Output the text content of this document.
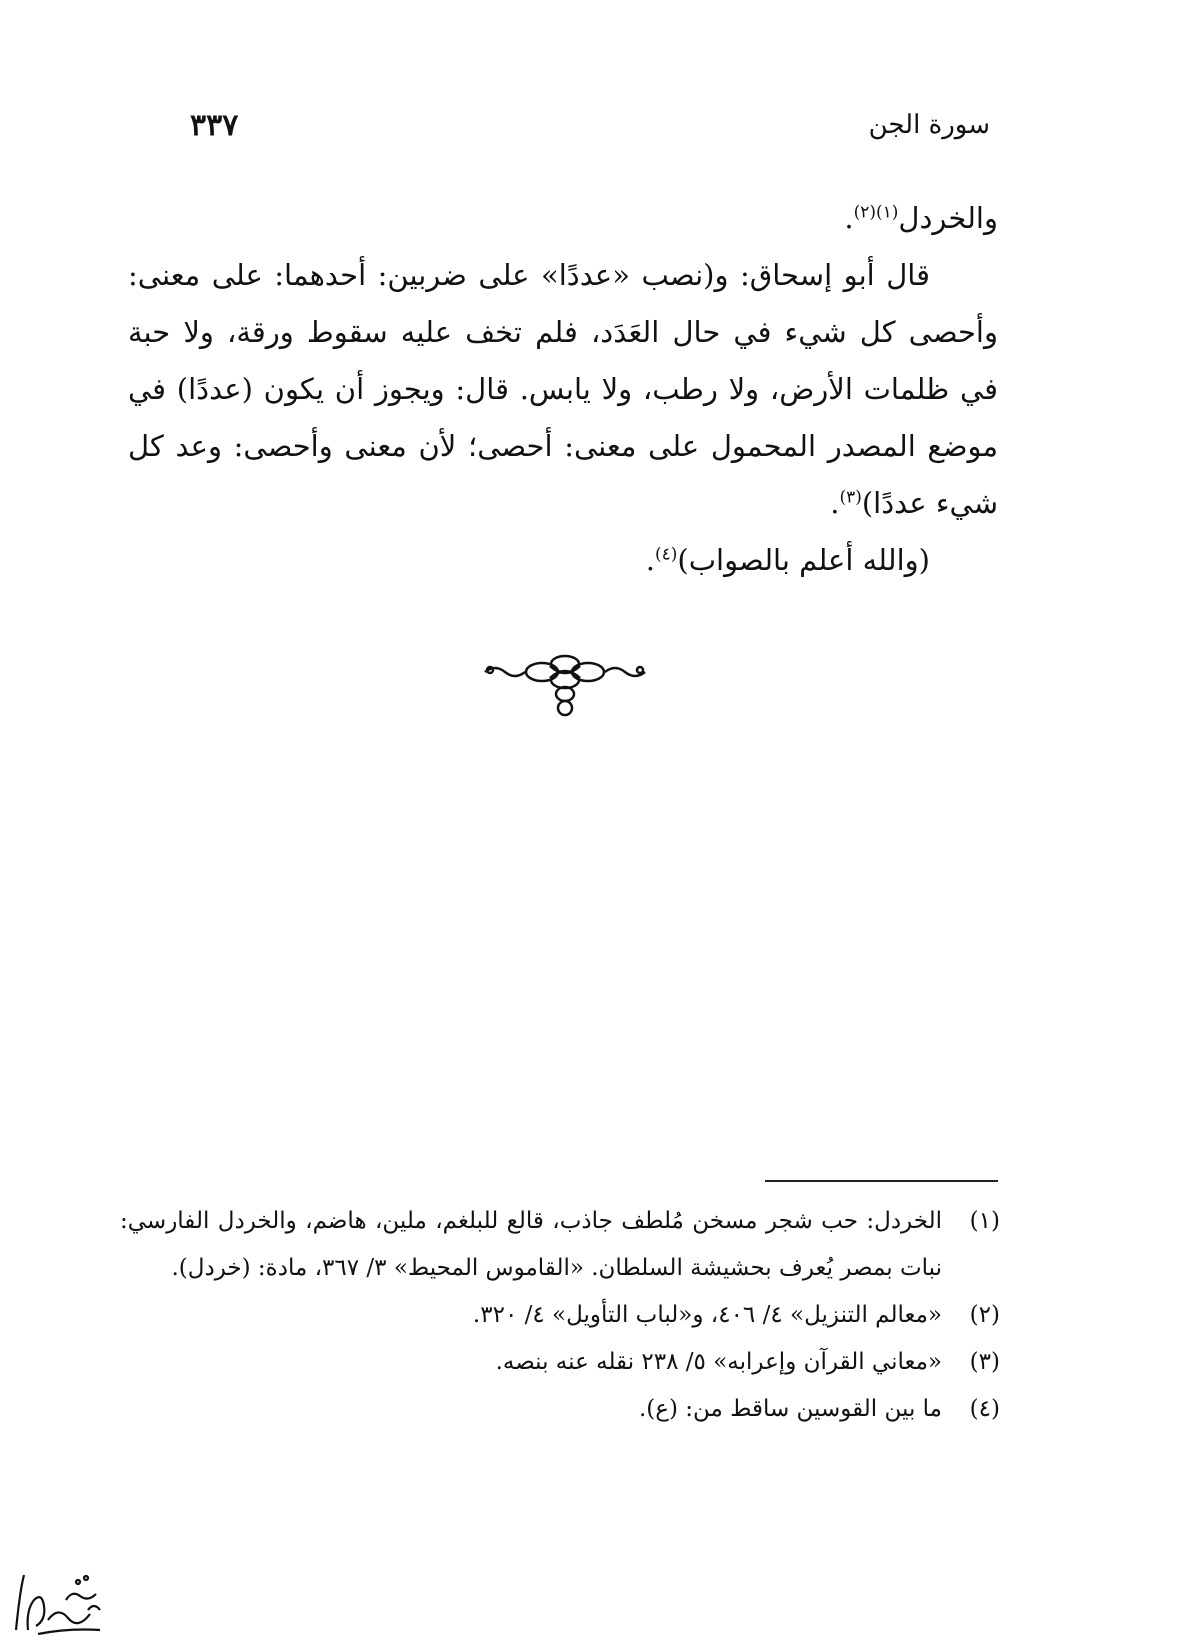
٣٣٧	سورة الجن

والخردل$^{(١)(٢)}$.

قال أبو إسحاق: و(نصب «عددًا» على ضربين: أحدهما: على معنى: وأحصى كل شيء في حال العَدَد، فلم تخف عليه سقوط ورقة، ولا حبة في ظلمات الأرض، ولا رطب، ولا يابس. قال: ويجوز أن يكون (عددًا) في موضع المصدر المحمول على معنى: أحصى؛ لأن معنى وأحصى: وعد كل شيء عددًا)$^{(٣)}$.

(والله أعلم بالصواب)$^{(٤)}$.

(١)
الخردل: حب شجر مسخن مُلطف جاذب، قالع للبلغم، ملين، هاضم، والخردل الفارسي: نبات بمصر يُعرف بحشيشة السلطان. «القاموس المحيط» ٣/ ٣٦٧، مادة: (خردل).
(٢)
«معالم التنزيل» ٤/ ٤٠٦، و«لباب التأويل» ٤/ ٣٢٠.
(٣)
«معاني القرآن وإعرابه» ٥/ ٢٣٨ نقله عنه بنصه.
(٤)
ما بين القوسين ساقط من: (ع).
